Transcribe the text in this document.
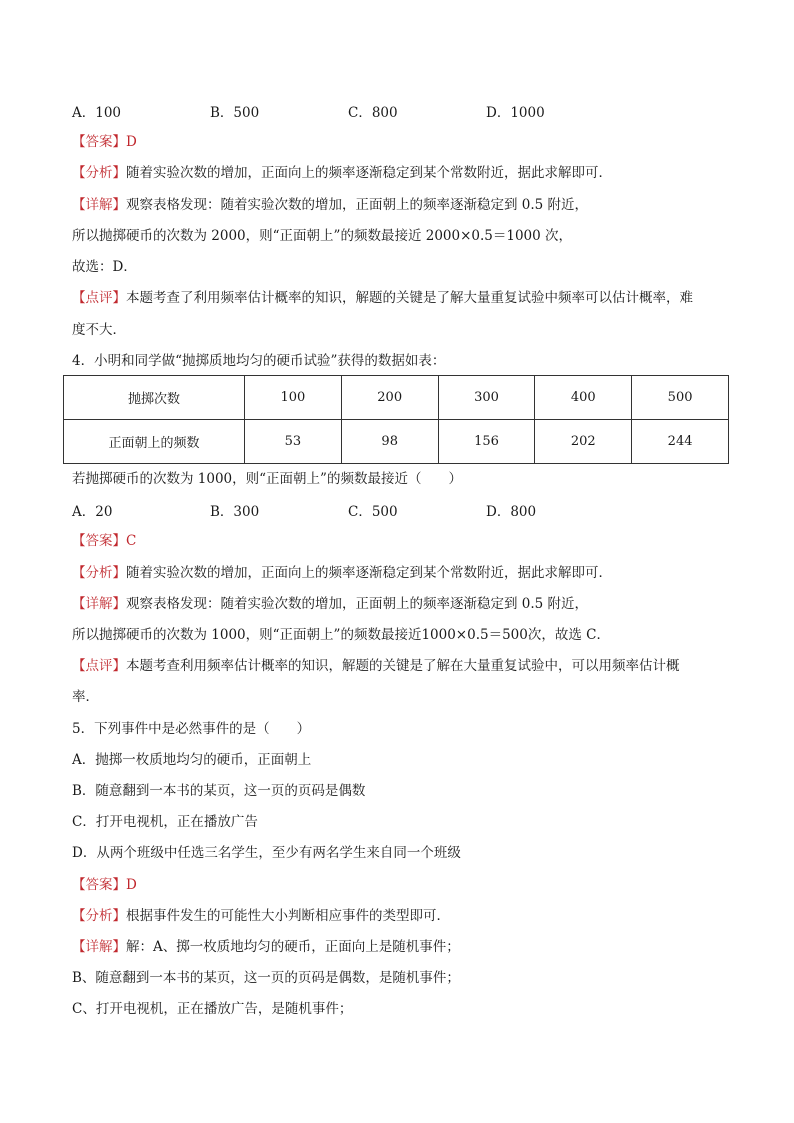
A．100	B．500	C．800	D．1000
【答案】D
【分析】随着实验次数的增加，正面向上的频率逐渐稳定到某个常数附近，据此求解即可．
【详解】观察表格发现：随着实验次数的增加，正面朝上的频率逐渐稳定到 0.5 附近，
所以抛掷硬币的次数为 2000，则“正面朝上”的频数最接近 2000×0.5＝1000 次，
故选：D．
【点评】本题考查了利用频率估计概率的知识，解题的关键是了解大量重复试验中频率可以估计概率，难
度不大．
4．小明和同学做“抛掷质地均匀的硬币试验”获得的数据如表：
抛掷次数	100	200	300	400	500
正面朝上的频数	53	98	156	202	244
若抛掷硬币的次数为 1000，则“正面朝上”的频数最接近（　　）
A．20	B．300	C．500	D．800
【答案】C
【分析】随着实验次数的增加，正面向上的频率逐渐稳定到某个常数附近，据此求解即可．
【详解】观察表格发现：随着实验次数的增加，正面朝上的频率逐渐稳定到 0.5 附近，
所以抛掷硬币的次数为 1000，则“正面朝上”的频数最接近1000×0.5＝500次，故选 C．
【点评】本题考查利用频率估计概率的知识，解题的关键是了解在大量重复试验中，可以用频率估计概
率．
5．下列事件中是必然事件的是（　　）
A．抛掷一枚质地均匀的硬币，正面朝上
B．随意翻到一本书的某页，这一页的页码是偶数
C．打开电视机，正在播放广告
D．从两个班级中任选三名学生，至少有两名学生来自同一个班级
【答案】D
【分析】根据事件发生的可能性大小判断相应事件的类型即可．
【详解】解：A、掷一枚质地均匀的硬币，正面向上是随机事件；
B、随意翻到一本书的某页，这一页的页码是偶数，是随机事件；
C、打开电视机，正在播放广告，是随机事件；
